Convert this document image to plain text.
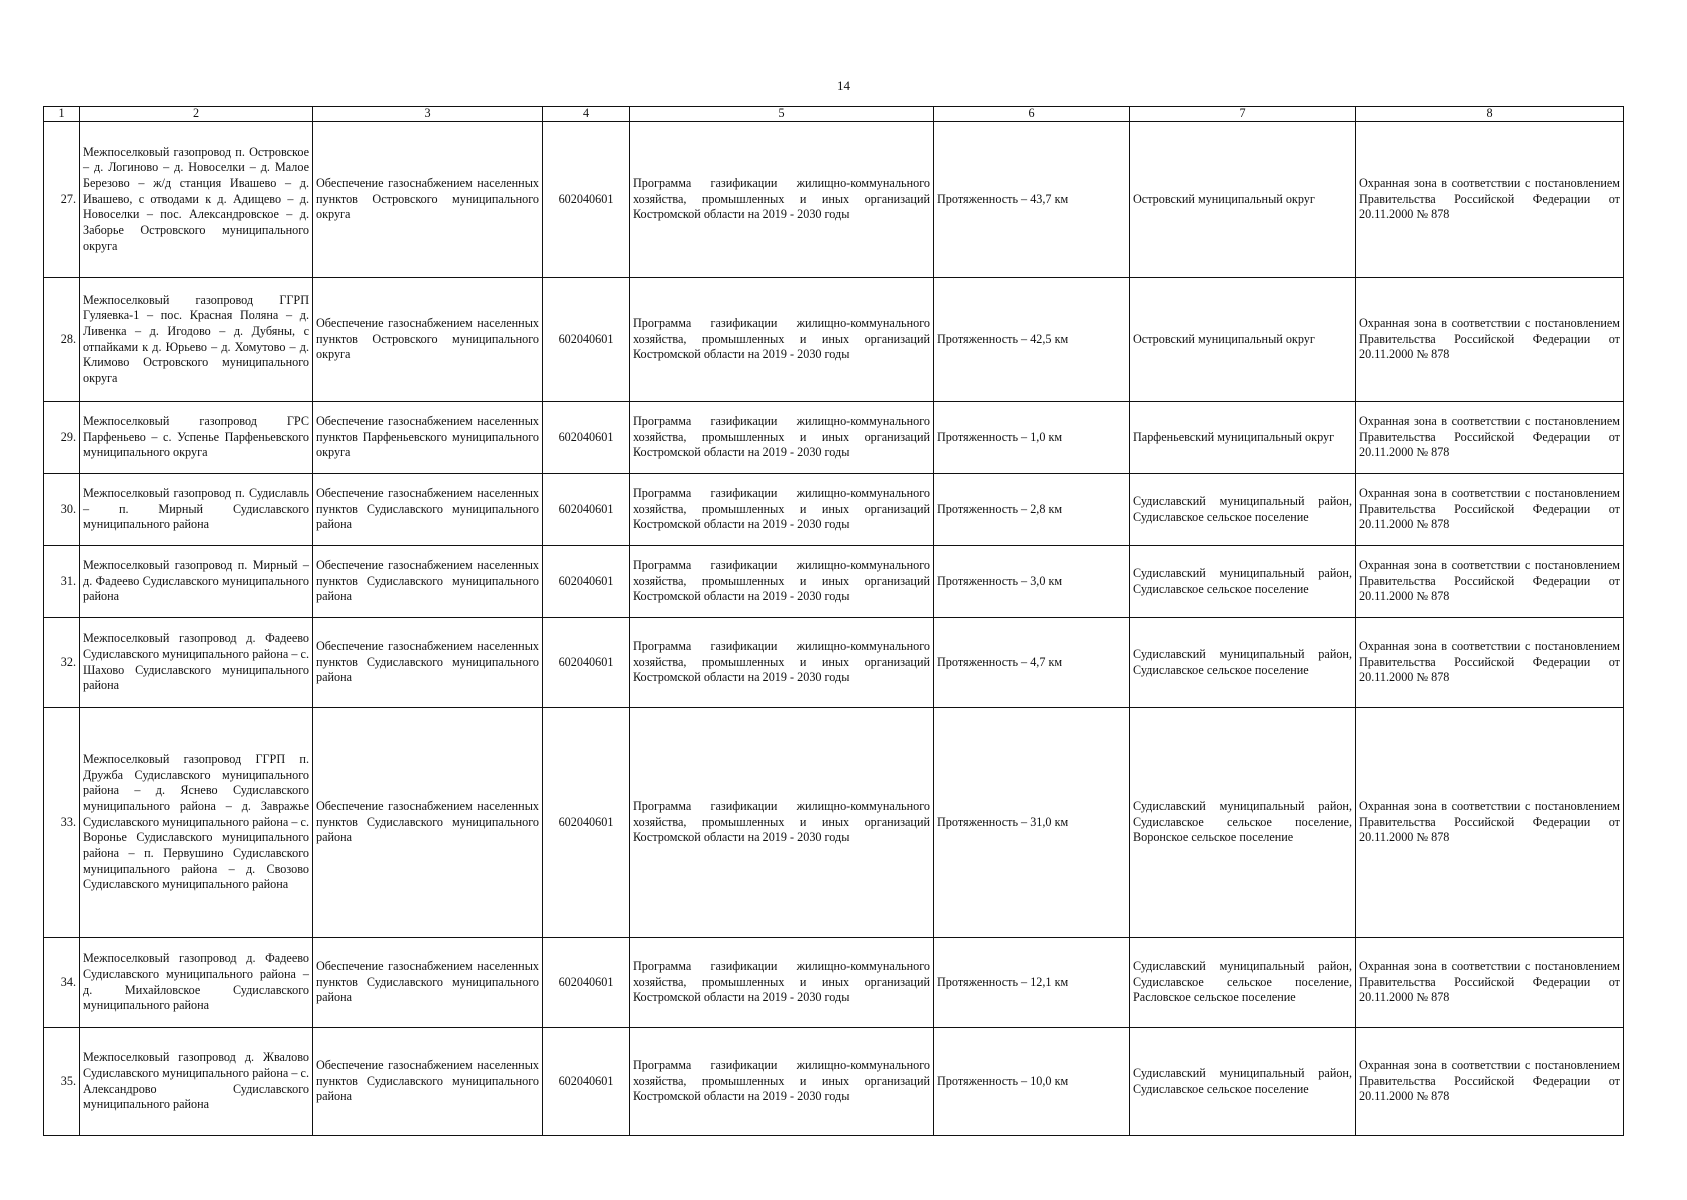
14
1	2	3	4	5	6	7	8
27.	Межпоселковый газопровод п. Островское – д. Логиново – д. Новоселки – д. Малое Березово – ж/д станция Ивашево – д. Ивашево, с отводами к д. Адищево – д. Новоселки – пос. Александровское – д. Заборье Островского муниципального округа	Обеспечение газоснабжением населенных пунктов Островского муниципального округа	602040601	Программа газификации жилищно-коммунального хозяйства, промышленных и иных организаций Костромской области на 2019 - 2030 годы	Протяженность – 43,7 км	Островский муниципальный округ	Охранная зона в соответствии с постановлением Правительства Российской Федерации от 20.11.2000 № 878
28.	Межпоселковый газопровод ГГРП Гуляевка-1 – пос. Красная Поляна – д. Ливенка – д. Игодово – д. Дубяны, с отпайками к д. Юрьево – д. Хомутово – д. Климово Островского муниципального округа	Обеспечение газоснабжением населенных пунктов Островского муниципального округа	602040601	Программа газификации жилищно-коммунального хозяйства, промышленных и иных организаций Костромской области на 2019 - 2030 годы	Протяженность – 42,5 км	Островский муниципальный округ	Охранная зона в соответствии с постановлением Правительства Российской Федерации от 20.11.2000 № 878
29.	Межпоселковый газопровод ГРС Парфеньево – с. Успенье Парфеньевского муниципального округа	Обеспечение газоснабжением населенных пунктов Парфеньевского муниципального округа	602040601	Программа газификации жилищно-коммунального хозяйства, промышленных и иных организаций Костромской области на 2019 - 2030 годы	Протяженность – 1,0 км	Парфеньевский муниципальный округ	Охранная зона в соответствии с постановлением Правительства Российской Федерации от 20.11.2000 № 878
30.	Межпоселковый газопровод п. Судиславль – п. Мирный Судиславского муниципального района	Обеспечение газоснабжением населенных пунктов Судиславского муниципального района	602040601	Программа газификации жилищно-коммунального хозяйства, промышленных и иных организаций Костромской области на 2019 - 2030 годы	Протяженность – 2,8 км	Судиславский муниципальный район, Судиславское сельское поселение	Охранная зона в соответствии с постановлением Правительства Российской Федерации от 20.11.2000 № 878
31.	Межпоселковый газопровод п. Мирный – д. Фадеево Судиславского муниципального района	Обеспечение газоснабжением населенных пунктов Судиславского муниципального района	602040601	Программа газификации жилищно-коммунального хозяйства, промышленных и иных организаций Костромской области на 2019 - 2030 годы	Протяженность – 3,0 км	Судиславский муниципальный район, Судиславское сельское поселение	Охранная зона в соответствии с постановлением Правительства Российской Федерации от 20.11.2000 № 878
32.	Межпоселковый газопровод д. Фадеево Судиславского муниципального района – с. Шахово Судиславского муниципального района	Обеспечение газоснабжением населенных пунктов Судиславского муниципального района	602040601	Программа газификации жилищно-коммунального хозяйства, промышленных и иных организаций Костромской области на 2019 - 2030 годы	Протяженность – 4,7 км	Судиславский муниципальный район, Судиславское сельское поселение	Охранная зона в соответствии с постановлением Правительства Российской Федерации от 20.11.2000 № 878
33.	Межпоселковый газопровод ГГРП п. Дружба Судиславского муниципального района – д. Яснево Судиславского муниципального района – д. Завражье Судиславского муниципального района – с. Воронье Судиславского муниципального района – п. Первушино Судиславского муниципального района – д. Свозово Судиславского муниципального района	Обеспечение газоснабжением населенных пунктов Судиславского муниципального района	602040601	Программа газификации жилищно-коммунального хозяйства, промышленных и иных организаций Костромской области на 2019 - 2030 годы	Протяженность – 31,0 км	Судиславский муниципальный район, Судиславское сельское поселение, Воронское сельское поселение	Охранная зона в соответствии с постановлением Правительства Российской Федерации от 20.11.2000 № 878
34.	Межпоселковый газопровод д. Фадеево Судиславского муниципального района – д. Михайловское Судиславского муниципального района	Обеспечение газоснабжением населенных пунктов Судиславского муниципального района	602040601	Программа газификации жилищно-коммунального хозяйства, промышленных и иных организаций Костромской области на 2019 - 2030 годы	Протяженность – 12,1 км	Судиславский муниципальный район, Судиславское сельское поселение, Расловское сельское поселение	Охранная зона в соответствии с постановлением Правительства Российской Федерации от 20.11.2000 № 878
35.	Межпоселковый газопровод д. Жвалово Судиславского муниципального района – с. Александрово Судиславского муниципального района	Обеспечение газоснабжением населенных пунктов Судиславского муниципального района	602040601	Программа газификации жилищно-коммунального хозяйства, промышленных и иных организаций Костромской области на 2019 - 2030 годы	Протяженность – 10,0 км	Судиславский муниципальный район, Судиславское сельское поселение	Охранная зона в соответствии с постановлением Правительства Российской Федерации от 20.11.2000 № 878
